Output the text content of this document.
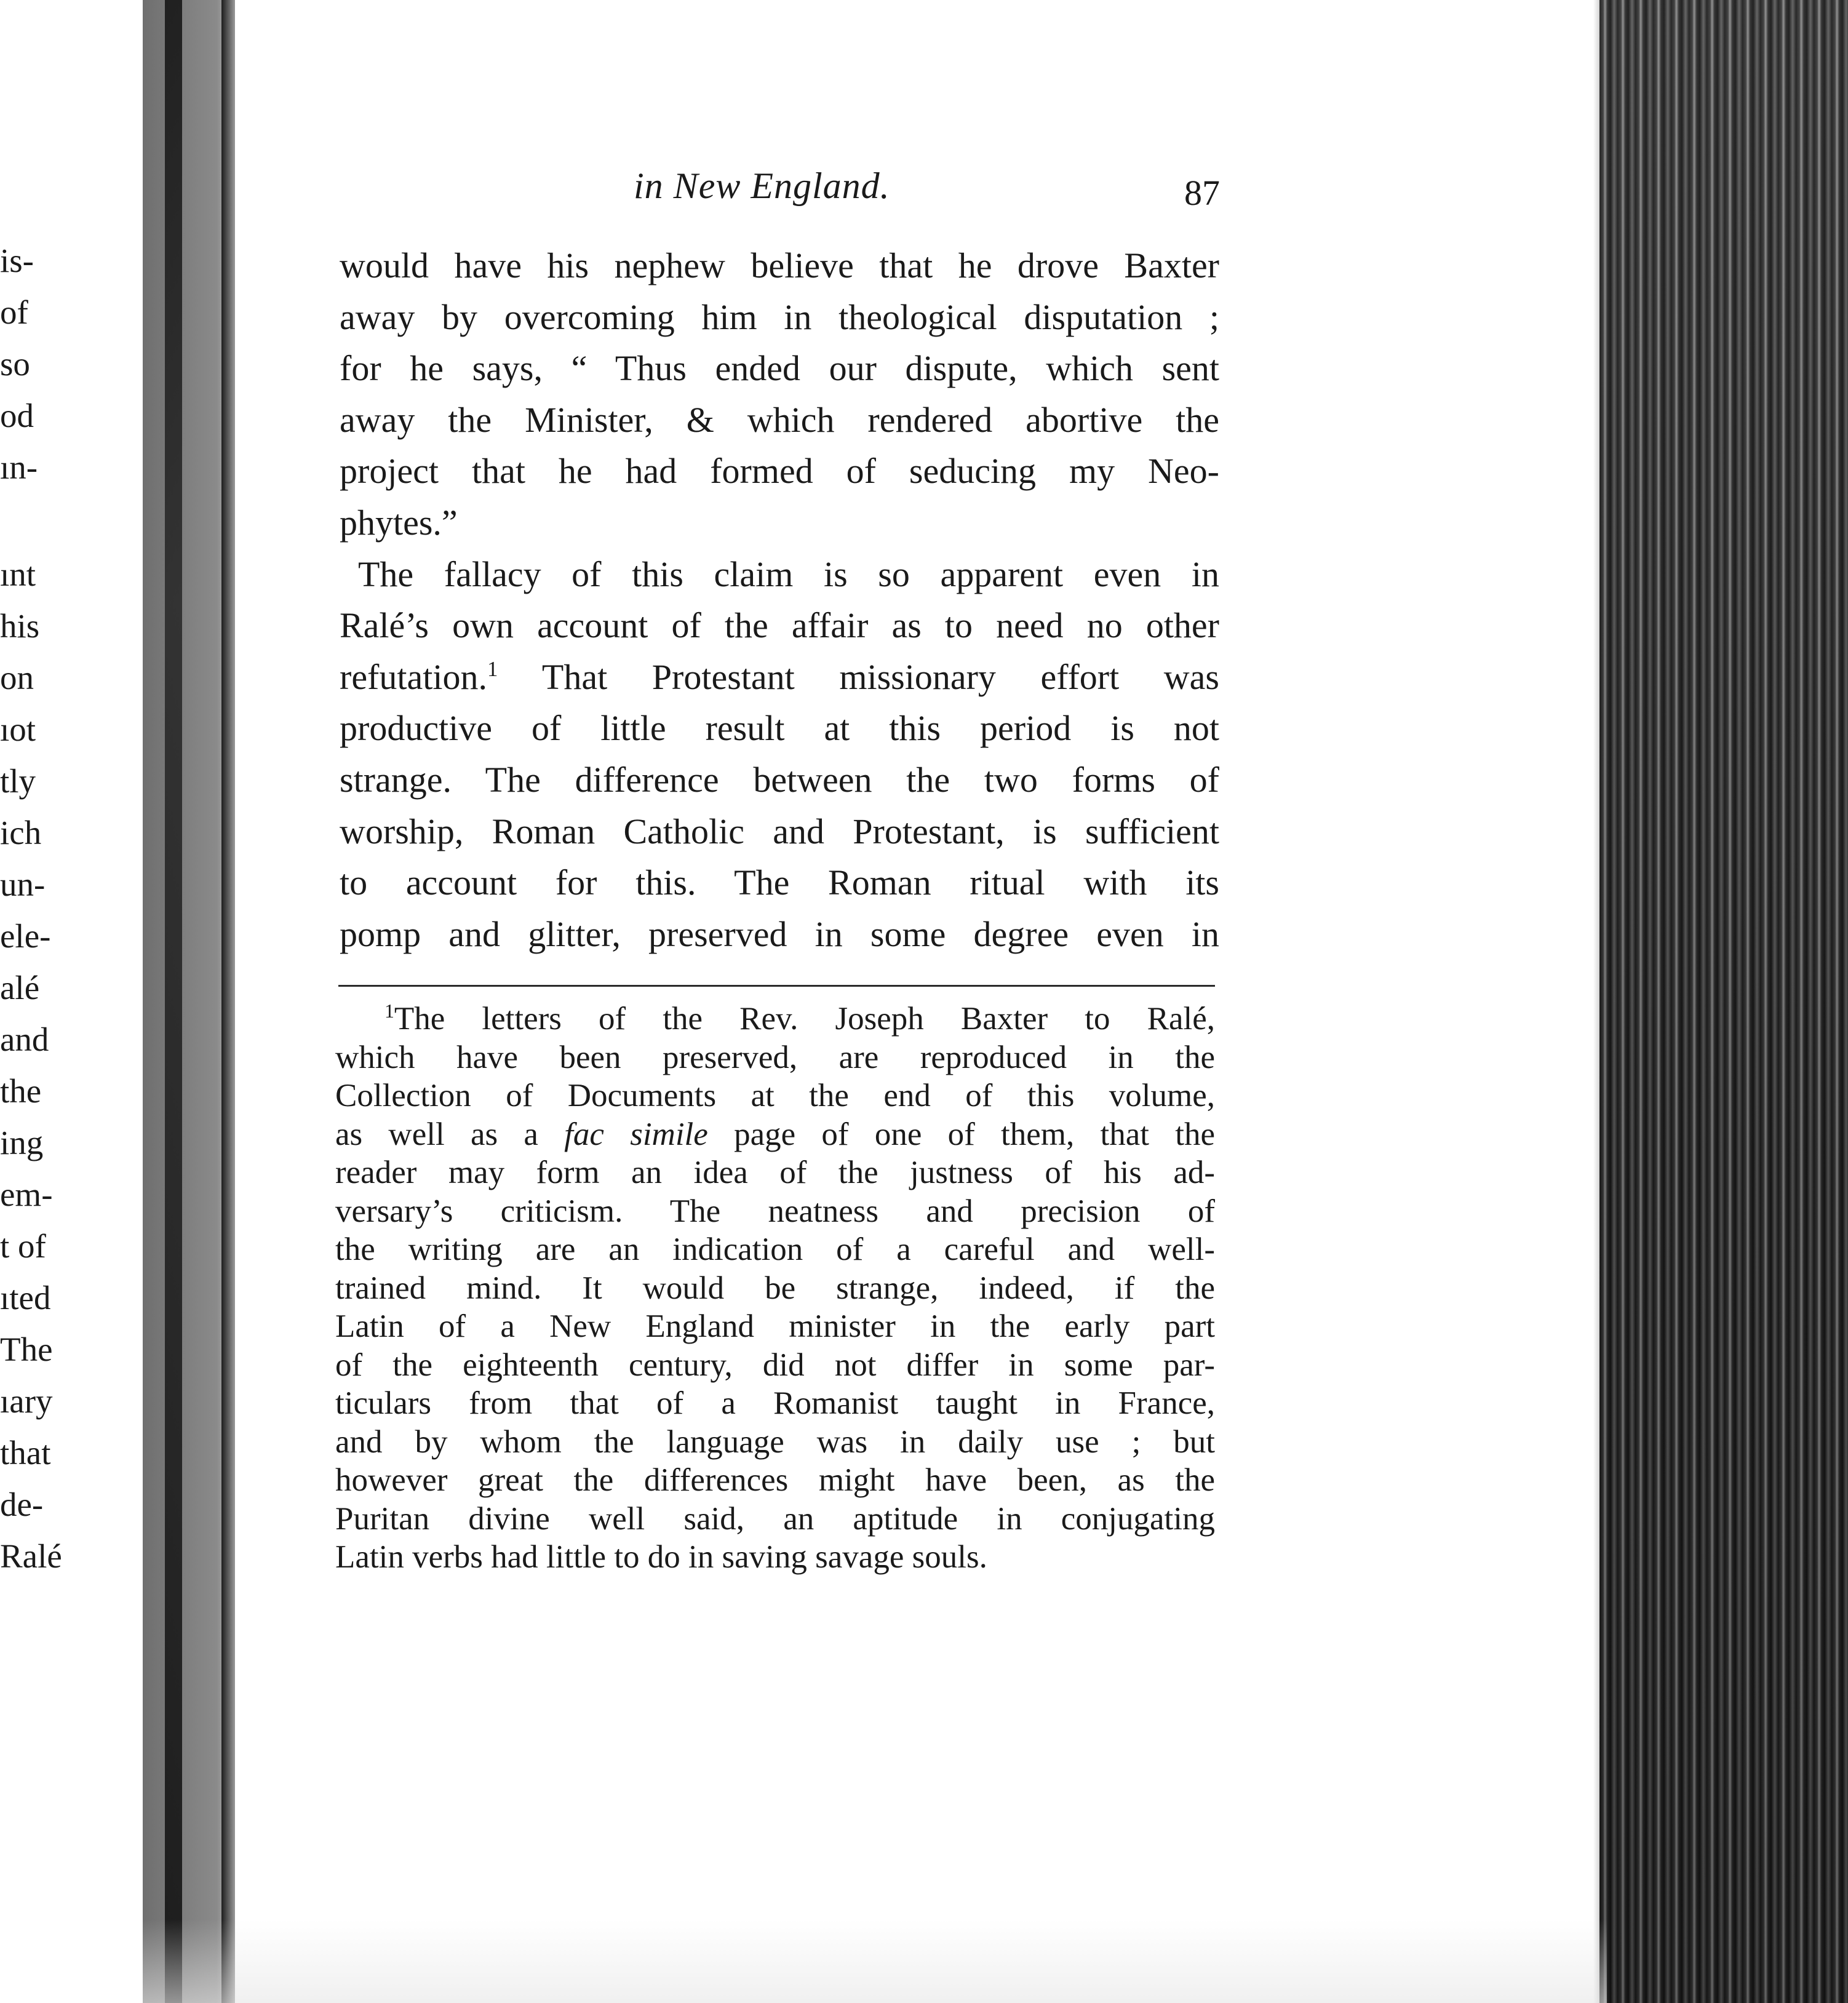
is-
of
so
od
ın-
ınt
his
on
ıot
tly
ich
un-
ele-
alé
and
the
ing
em-
t of
ıted
The
ıary
that
de-
Ralé
in New England.	87
would have his nephew believe that he drove Baxter
away by overcoming him in theological disputation ;
for he says, “ Thus ended our dispute, which sent
away the Minister, & which rendered abortive the
project that he had formed of seducing my Neo-
phytes.”
The fallacy of this claim is so apparent even in
Ralé’s own account of the affair as to need no other
refutation.$^1$ That Protestant missionary effort was
productive of little result at this period is not
strange. The difference between the two forms of
worship, Roman Catholic and Protestant, is sufficient
to account for this. The Roman ritual with its
pomp and glitter, preserved in some degree even in
$^1$The letters of the Rev. Joseph Baxter to Ralé,
which have been preserved, are reproduced in the
Collection of Documents at the end of this volume,
as well as a fac simile page of one of them, that the
reader may form an idea of the justness of his ad-
versary’s criticism. The neatness and precision of
the writing are an indication of a careful and well-
trained mind. It would be strange, indeed, if the
Latin of a New England minister in the early part
of the eighteenth century, did not differ in some par-
ticulars from that of a Romanist taught in France,
and by whom the language was in daily use ; but
however great the differences might have been, as the
Puritan divine well said, an aptitude in conjugating
Latin verbs had little to do in saving savage souls.
